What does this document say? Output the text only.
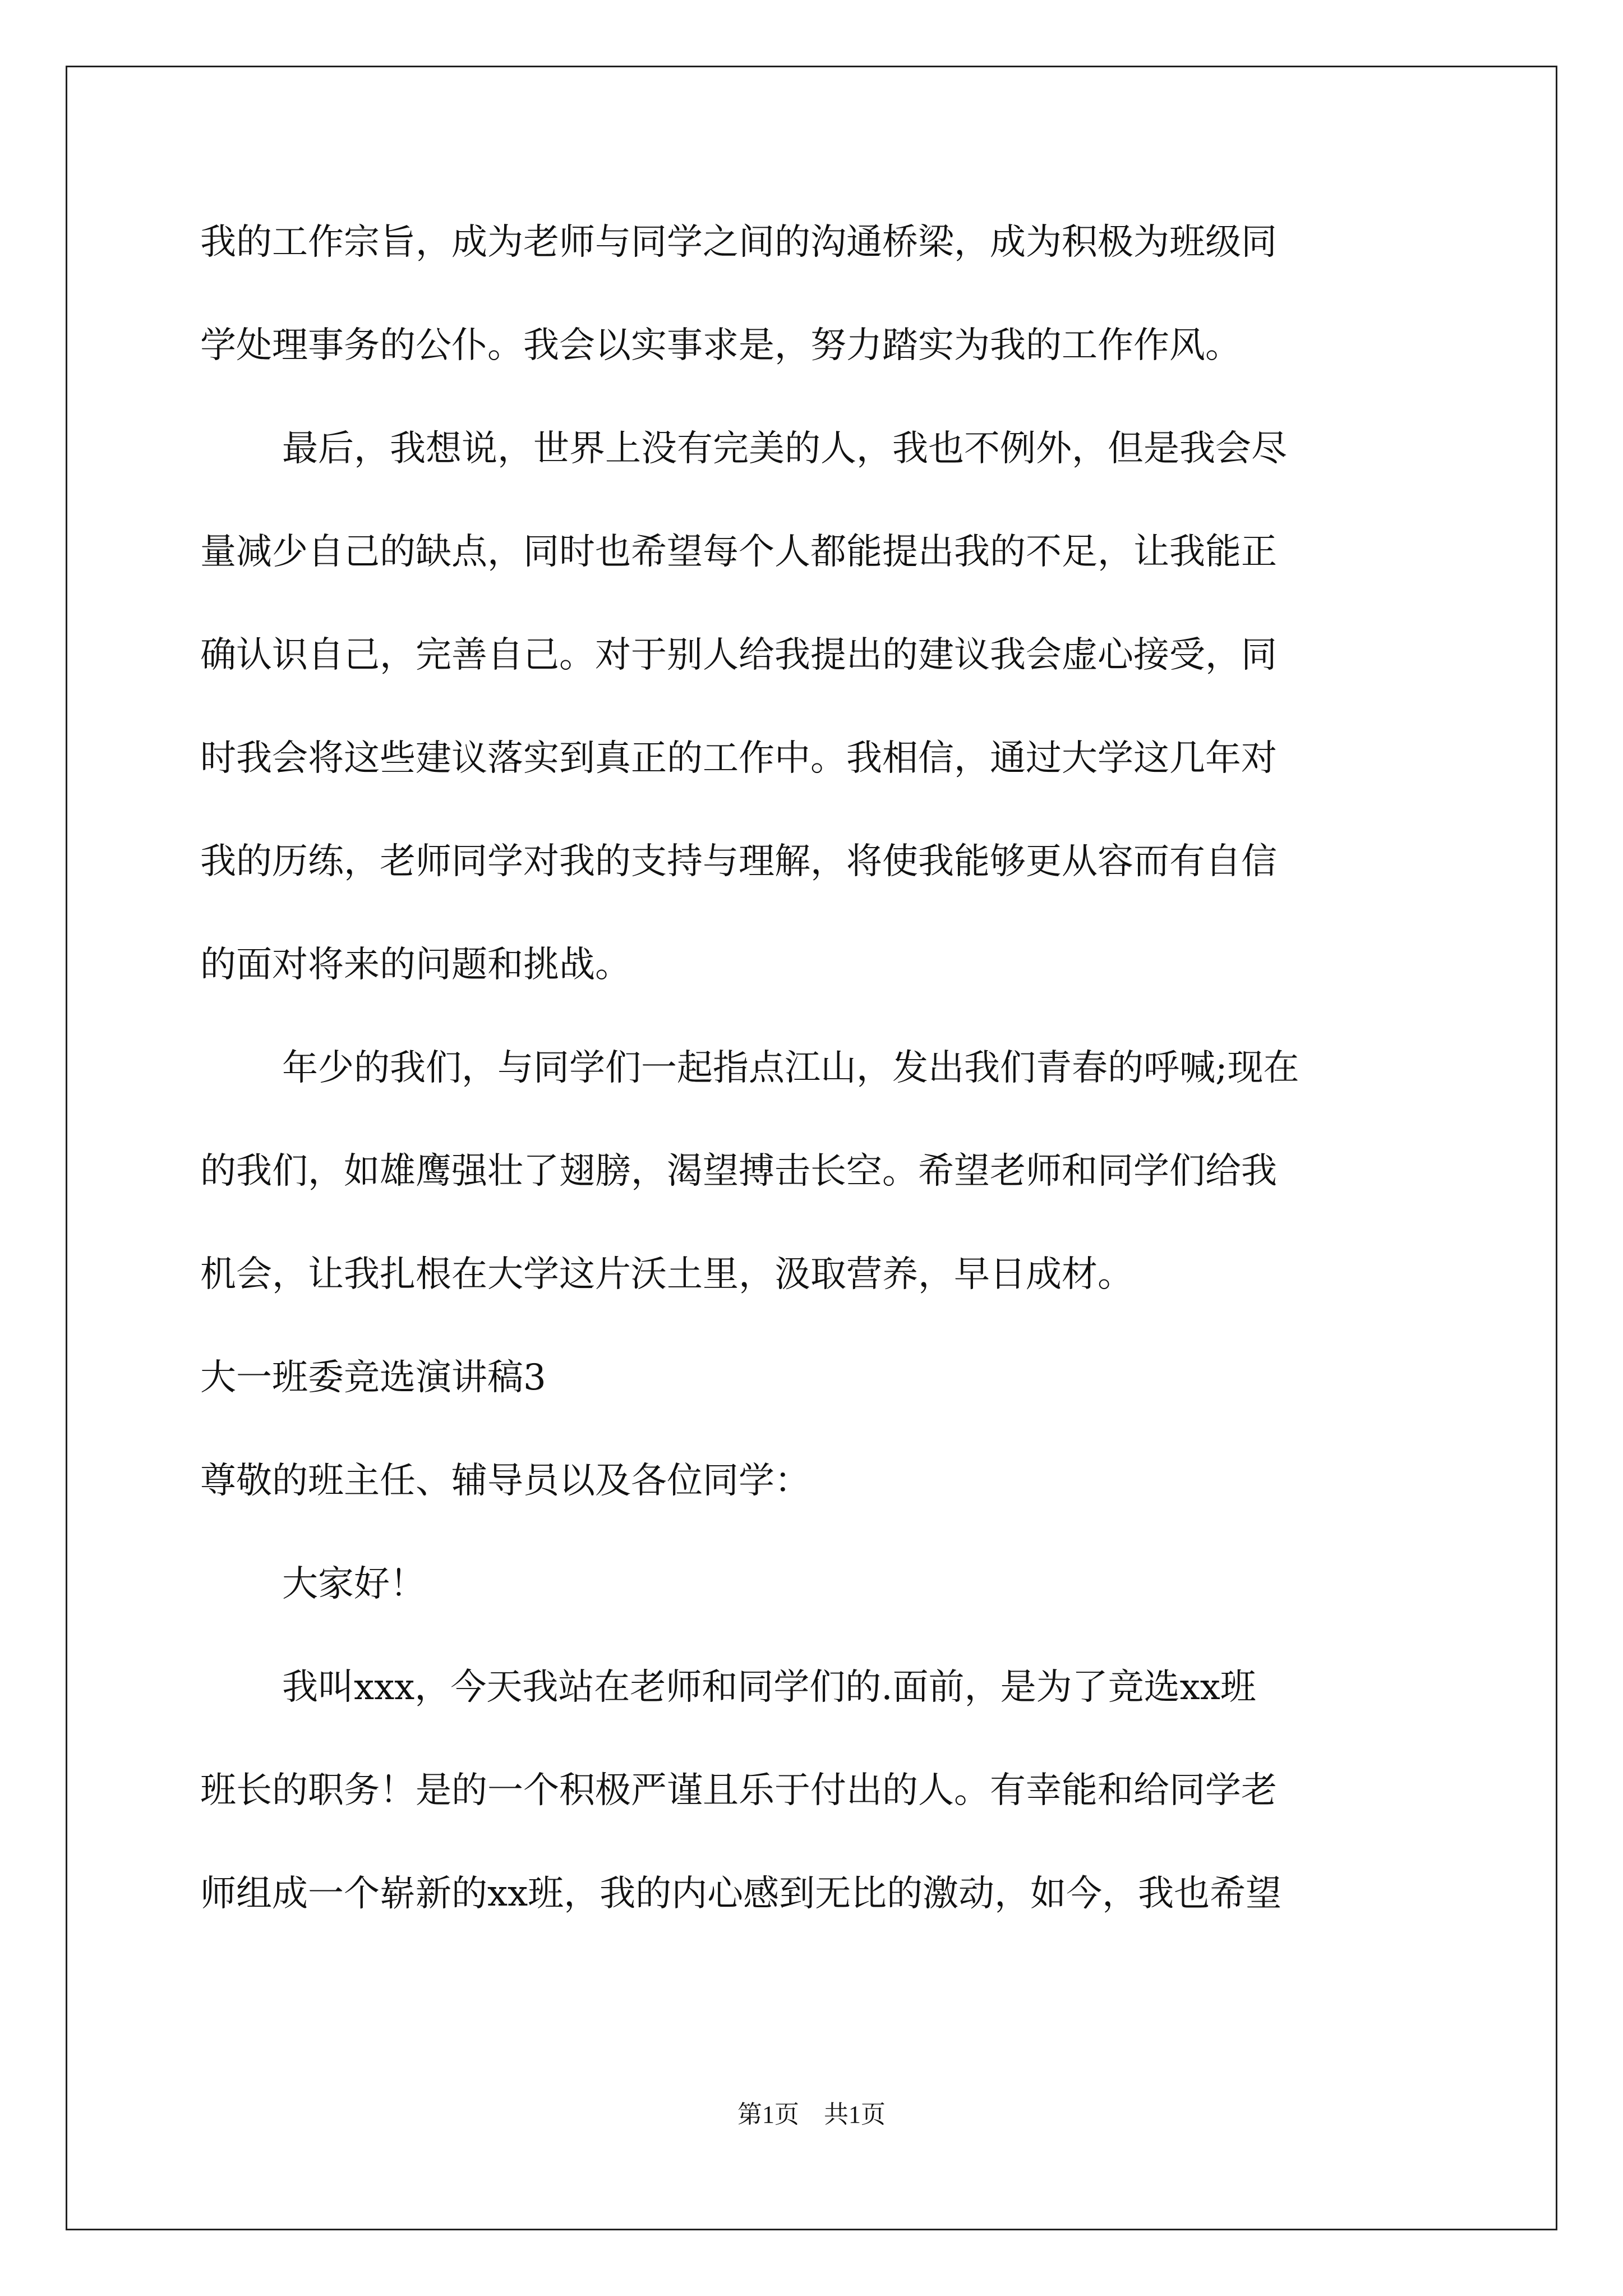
我的工作宗旨，成为老师与同学之间的沟通桥梁，成为积极为班级同
学处理事务的公仆。我会以实事求是，努力踏实为我的工作作风。
最后，我想说，世界上没有完美的人，我也不例外，但是我会尽
量减少自己的缺点，同时也希望每个人都能提出我的不足，让我能正
确认识自己，完善自己。对于别人给我提出的建议我会虚心接受，同
时我会将这些建议落实到真正的工作中。我相信，通过大学这几年对
我的历练，老师同学对我的支持与理解，将使我能够更从容而有自信
的面对将来的问题和挑战。
年少的我们，与同学们一起指点江山，发出我们青春的呼喊;现在
的我们，如雄鹰强壮了翅膀，渴望搏击长空。希望老师和同学们给我
机会，让我扎根在大学这片沃土里，汲取营养，早日成材。
大一班委竞选演讲稿3
尊敬的班主任、辅导员以及各位同学：
大家好！
我叫xxx，今天我站在老师和同学们的.面前，是为了竞选xx班
班长的职务！是的一个积极严谨且乐于付出的人。有幸能和给同学老
师组成一个崭新的xx班，我的内心感到无比的激动，如今，我也希望
第1页　共1页
